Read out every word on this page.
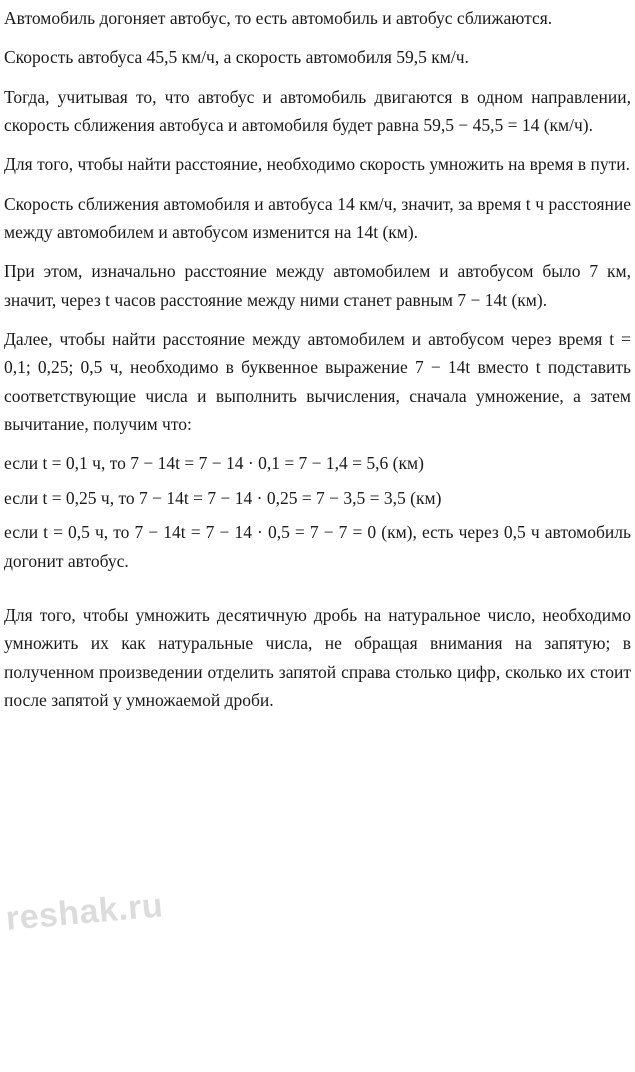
Автомобиль догоняет автобус, то есть автомобиль и автобус сближаются.

Скорость автобуса 45,5 км/ч, а скорость автомобиля 59,5 км/ч.

Тогда, учитывая то, что автобус и автомобиль двигаются в одном направлении, скорость сближения автобуса и автомобиля будет равна 59,5 − 45,5 = 14 (км/ч).

Для того, чтобы найти расстояние, необходимо скорость умножить на время в пути.

Скорость сближения автомобиля и автобуса 14 км/ч, значит, за время t ч расстояние между автомобилем и автобусом изменится на 14t (км).

При этом, изначально расстояние между автомобилем и автобусом было 7 км, значит, через t часов расстояние между ними станет равным 7 − 14t (км).

Далее, чтобы найти расстояние между автомобилем и автобусом через время t = 0,1; 0,25; 0,5 ч, необходимо в буквенное выражение 7 − 14t вместо t подставить соответствующие числа и выполнить вычисления, сначала умножение, а затем вычитание, получим что:

если t = 0,1 ч, то 7 − 14t = 7 − 14 · 0,1 = 7 − 1,4 = 5,6 (км)

если t = 0,25 ч, то 7 − 14t = 7 − 14 · 0,25 = 7 − 3,5 = 3,5 (км)

если t = 0,5 ч, то 7 − 14t = 7 − 14 · 0,5 = 7 − 7 = 0 (км), есть через 0,5 ч автомобиль догонит автобус.

Для того, чтобы умножить десятичную дробь на натуральное число, необходимо умножить их как натуральные числа, не обращая внимания на запятую; в полученном произведении отделить запятой справа столько цифр, сколько их стоит после запятой у умножаемой дроби.

reshak.ru
